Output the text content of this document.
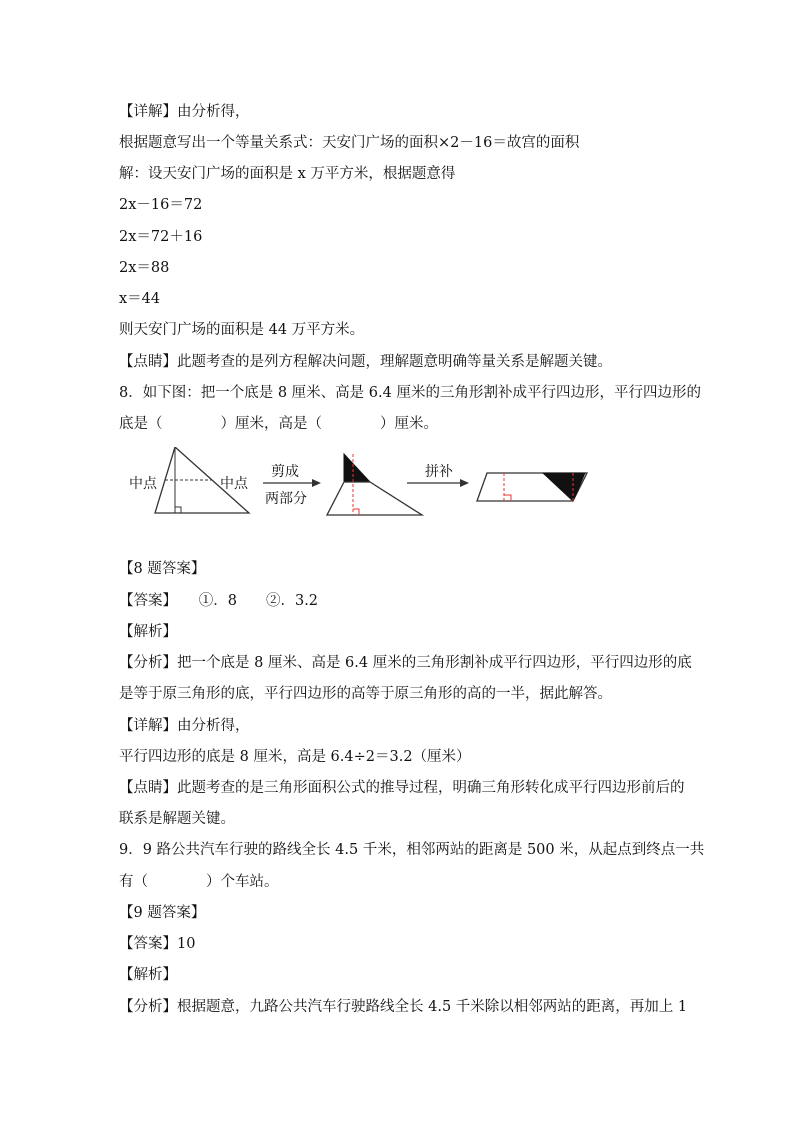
【详解】由分析得，
根据题意写出一个等量关系式：天安门广场的面积×2－16＝故宫的面积
解：设天安门广场的面积是 x 万平方米，根据题意得
2x－16＝72
2x＝72＋16
2x＝88
x＝44
则天安门广场的面积是 44 万平方米。
【点睛】此题考查的是列方程解决问题，理解题意明确等量关系是解题关键。
8．如下图：把一个底是 8 厘米、高是 6.4 厘米的三角形割补成平行四边形，平行四边形的
底是（　　　　）厘米，高是（　　　　）厘米。
中点	中点
剪成
两部分
拼补
【8 题答案】
【答案】　　①．8　　②．3.2
【解析】
【分析】把一个底是 8 厘米、高是 6.4 厘米的三角形割补成平行四边形，平行四边形的底
是等于原三角形的底，平行四边形的高等于原三角形的高的一半，据此解答。
【详解】由分析得，
平行四边形的底是 8 厘米，高是 6.4÷2＝3.2（厘米）
【点睛】此题考查的是三角形面积公式的推导过程，明确三角形转化成平行四边形前后的
联系是解题关键。
9．9 路公共汽车行驶的路线全长 4.5 千米，相邻两站的距离是 500 米，从起点到终点一共
有（　　　　）个车站。
【9 题答案】
【答案】10
【解析】
【分析】根据题意，九路公共汽车行驶路线全长 4.5 千米除以相邻两站的距离，再加上 1
